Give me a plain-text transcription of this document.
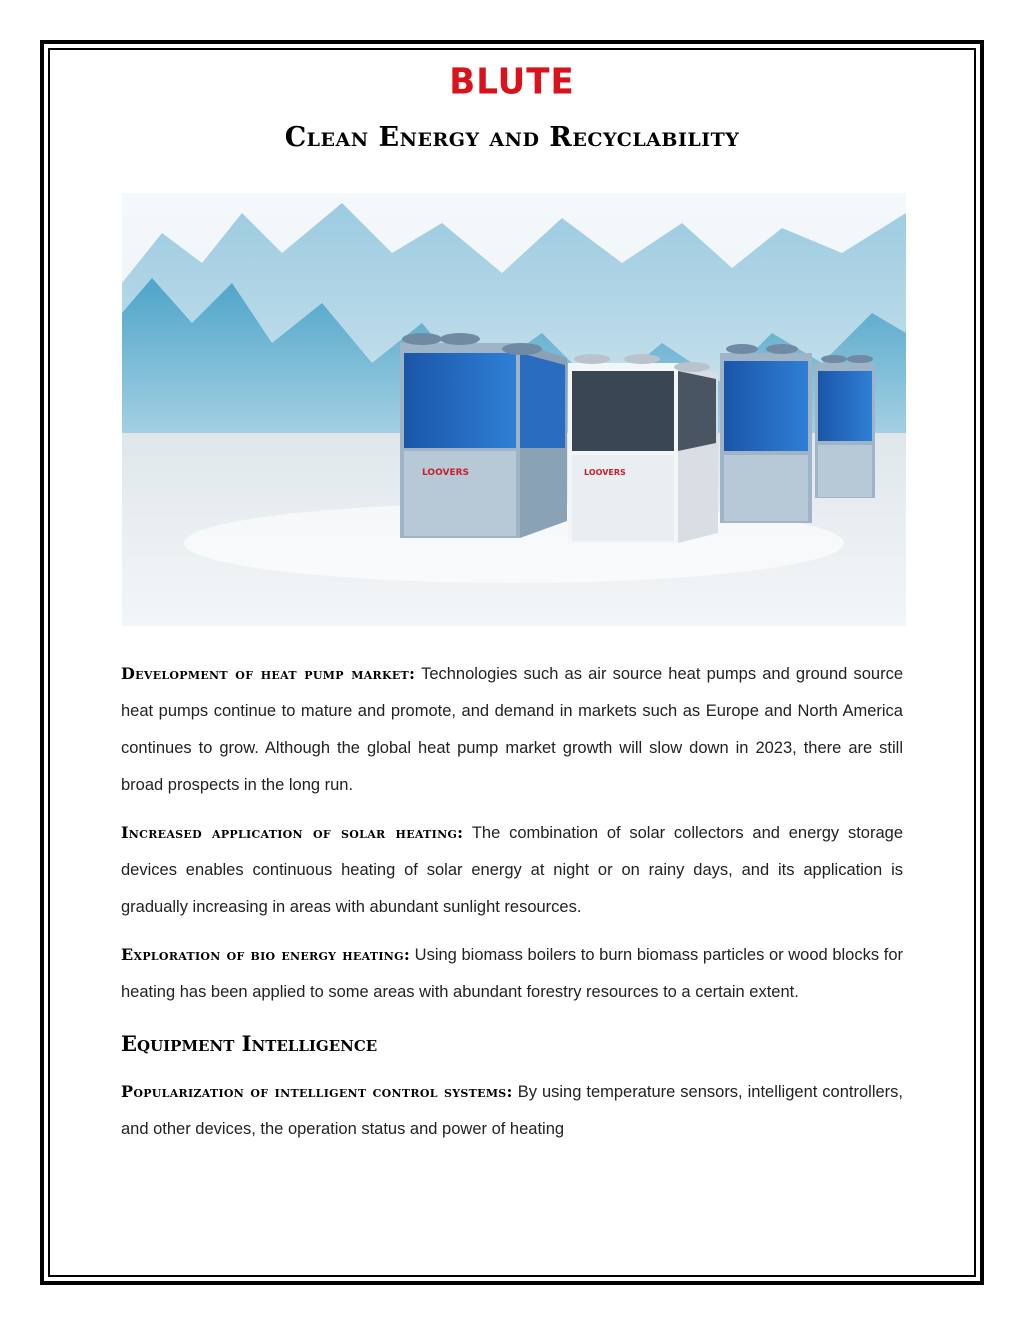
BLUTE
Clean Energy and Recyclability
LOOVERS	LOOVERS

Development of heat pump market: Technologies such as air source heat pumps and ground source heat pumps continue to mature and promote, and demand in markets such as Europe and North America continues to grow. Although the global heat pump market growth will slow down in 2023, there are still broad prospects in the long run.

Increased application of solar heating: The combination of solar collectors and energy storage devices enables continuous heating of solar energy at night or on rainy days, and its application is gradually increasing in areas with abundant sunlight resources.

Exploration of bio energy heating: Using biomass boilers to burn biomass particles or wood blocks for heating has been applied to some areas with abundant forestry resources to a certain extent.

Equipment Intelligence

Popularization of intelligent control systems: By using temperature sensors, intelligent controllers, and other devices, the operation status and power of heating
